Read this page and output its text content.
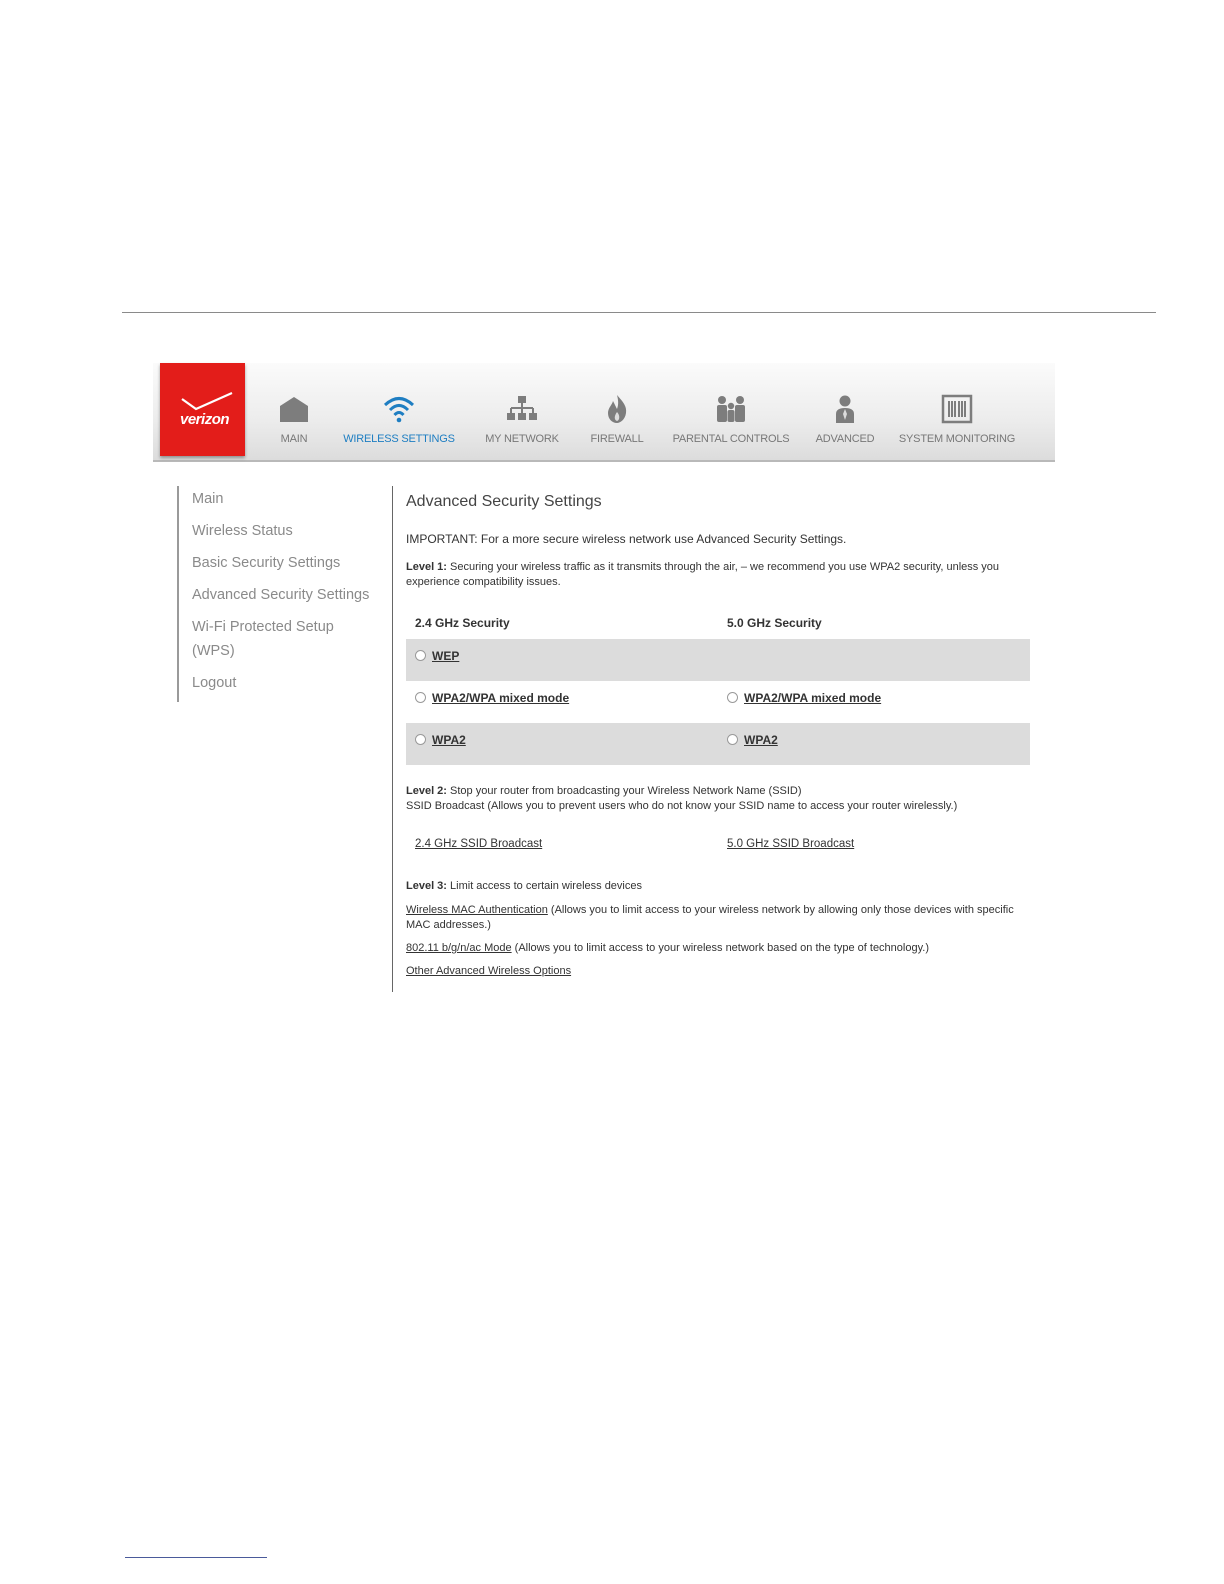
verizon
MAIN	WIRELESS SETTINGS	MY NETWORK	FIREWALL	PARENTAL CONTROLS	ADVANCED SYSTEM MONITORING
Main
Wireless Status
Basic Security Settings
Advanced Security Settings
Wi-Fi Protected Setup (WPS)
Logout
Advanced Security Settings
IMPORTANT: For a more secure wireless network use Advanced Security Settings.
Level 1: Securing your wireless traffic as it transmits through the air, – we recommend you use WPA2 security, unless you experience compatibility issues.
2.4 GHz Security	5.0 GHz Security
WEP
WPA2/WPA mixed mode	WPA2/WPA mixed mode
WPA2	WPA2
Level 2: Stop your router from broadcasting your Wireless Network Name (SSID)
SSID Broadcast (Allows you to prevent users who do not know your SSID name to access your router wirelessly.)
2.4 GHz SSID Broadcast	5.0 GHz SSID Broadcast
Level 3: Limit access to certain wireless devices
Wireless MAC Authentication (Allows you to limit access to your wireless network by allowing only those devices with specific MAC addresses.)
802.11 b/g/n/ac Mode (Allows you to limit access to your wireless network based on the type of technology.)
Other Advanced Wireless Options
